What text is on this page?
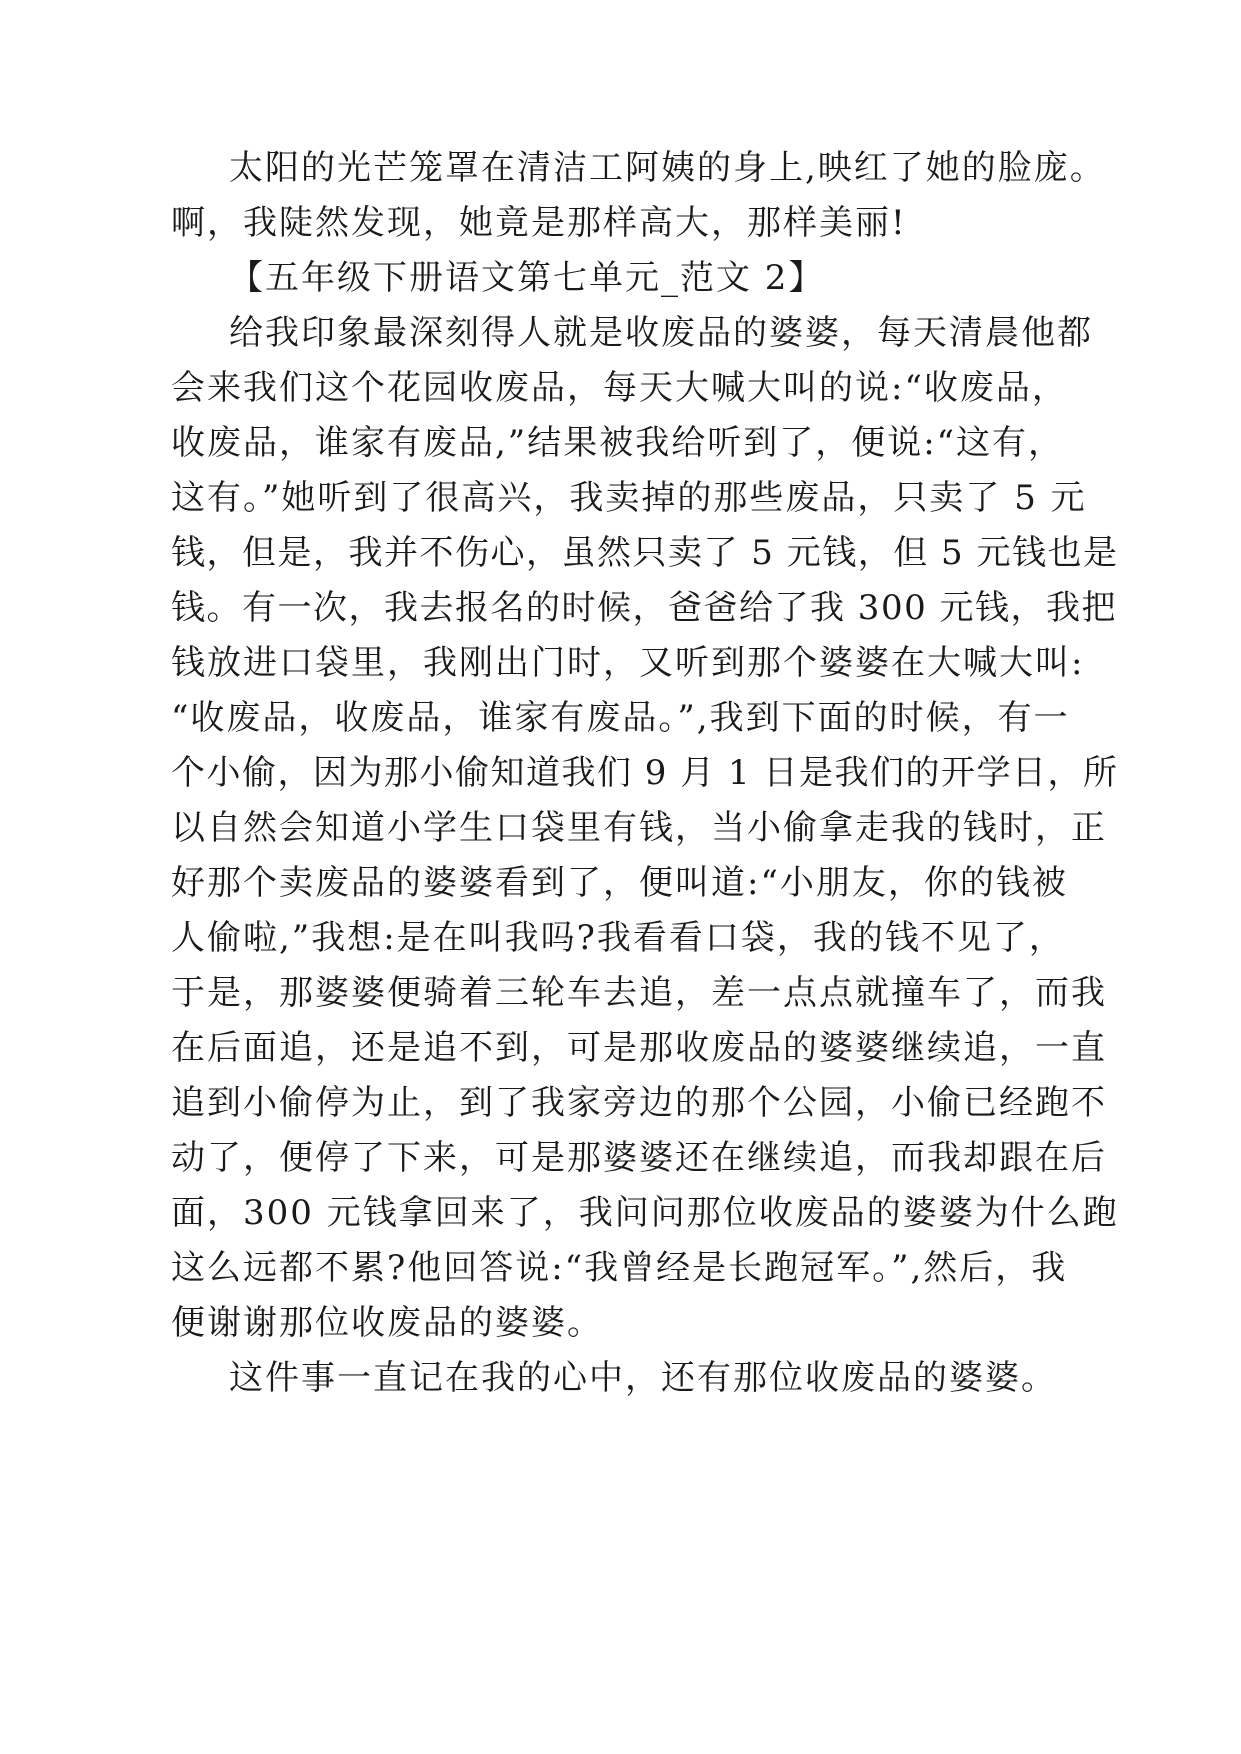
太阳的光芒笼罩在清洁工阿姨的身上,映红了她的脸庞。
啊，我陡然发现，她竟是那样高大，那样美丽!
【五年级下册语文第七单元_范文 2】
给我印象最深刻得人就是收废品的婆婆，每天清晨他都
会来我们这个花园收废品，每天大喊大叫的说:“收废品，
收废品，谁家有废品,”结果被我给听到了，便说:“这有，
这有。”她听到了很高兴，我卖掉的那些废品，只卖了 5 元
钱，但是，我并不伤心，虽然只卖了 5 元钱，但 5 元钱也是
钱。有一次，我去报名的时候，爸爸给了我 300 元钱，我把
钱放进口袋里，我刚出门时，又听到那个婆婆在大喊大叫:
“收废品，收废品，谁家有废品。”,我到下面的时候，有一
个小偷，因为那小偷知道我们 9 月 1 日是我们的开学日，所
以自然会知道小学生口袋里有钱，当小偷拿走我的钱时，正
好那个卖废品的婆婆看到了，便叫道:“小朋友，你的钱被
人偷啦,”我想:是在叫我吗?我看看口袋，我的钱不见了，
于是，那婆婆便骑着三轮车去追，差一点点就撞车了，而我
在后面追，还是追不到，可是那收废品的婆婆继续追，一直
追到小偷停为止，到了我家旁边的那个公园，小偷已经跑不
动了，便停了下来，可是那婆婆还在继续追，而我却跟在后
面，300 元钱拿回来了，我问问那位收废品的婆婆为什么跑
这么远都不累?他回答说:“我曾经是长跑冠军。”,然后，我
便谢谢那位收废品的婆婆。
这件事一直记在我的心中，还有那位收废品的婆婆。
